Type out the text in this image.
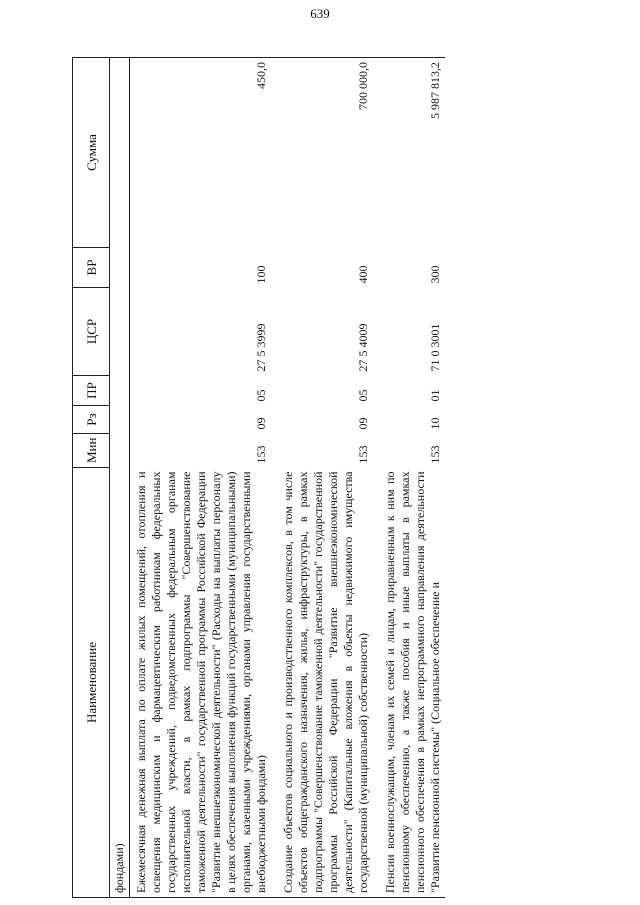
639
Наименование	Мин	Рз	ПР	ЦСР	ВР	Сумма
фондами)						
Ежемесячная денежная выплата по оплате жилых помещений, отопления и освещения медицинским и фармацевтическим работникам федеральных государственных учреждений, подведомственных федеральным органам исполнительной власти, в рамках подпрограммы "Совершенствование таможенной деятельности" государственной программы Российской Федерации "Развитие внешнеэкономической деятельности" (Расходы на выплаты персоналу в целях обеспечения выполнения функций государственными (муниципальными) органами, казенными учреждениями, органами управления государственными внебюджетными фондами)	153	09	05	27 5 3999	100	450,0
Создание объектов социального и производственного комплексов, в том числе объектов общегражданского назначения, жилья, инфраструктуры, в рамках подпрограммы "Совершенствование таможенной деятельности" государственной программы Российской Федерации "Развитие внешнеэкономической деятельности" (Капитальные вложения в объекты недвижимого имущества государственной (муниципальной) собственности)	153	09	05	27 5 4009	400	700 000,0
Пенсии военнослужащим, членам их семей и лицам, приравненным к ним по пенсионному обеспечению, а также пособия и иные выплаты в рамках пенсионного обеспечения в рамках непрограммного направления деятельности "Развитие пенсионной системы" (Социальное обеспечение и	153	10	01	71 0 3001	300	5 987 813,2
